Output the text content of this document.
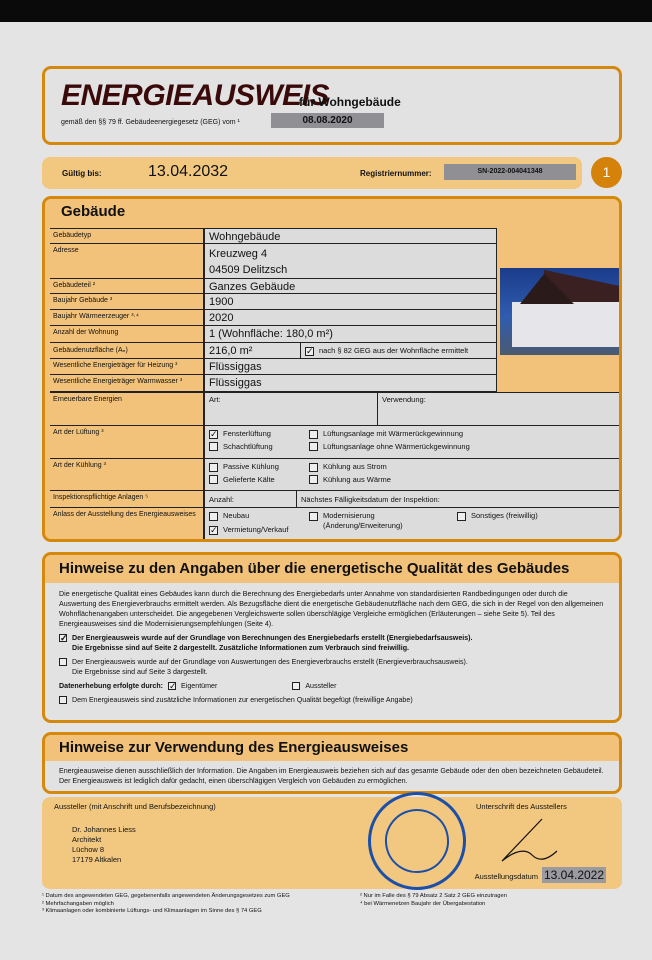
ENERGIEAUSWEIS
für Wohngebäude
gemäß den §§ 79 ff. Gebäudeenergiegesetz (GEG) vom ¹	08.08.2020
Gültig bis:	13.04.2032	Registriernummer:	SN-2022-004041348	1
Gebäude
Gebäudetyp	Wohngebäude
Adresse	Kreuzweg 4
04509 Delitzsch
Gebäudeteil ²	Ganzes Gebäude
Baujahr Gebäude ³	1900
Baujahr Wärmeerzeuger ³·⁴	2020
Anzahl der Wohnung	1 (Wohnfläche: 180,0 m²)
Gebäudenutzfläche (Aₙ)	216,0 m²	✓ nach § 82 GEG aus der Wohnfläche ermittelt
Wesentliche Energieträger für Heizung ³	Flüssiggas
Wesentliche Energieträger Warmwasser ³	Flüssiggas
Erneuerbare Energien	Art:	Verwendung:
Art der Lüftung ³	✓ Fensterlüftung	Lüftungsanlage mit Wärmerückgewinnung
Schachtlüftung	Lüftungsanlage ohne Wärmerückgewinnung
Art der Kühlung ³	Passive Kühlung	Kühlung aus Strom
Gelieferte Kälte	Kühlung aus Wärme
Inspektionspflichtige Anlagen ⁵	Anzahl:	Nächstes Fälligkeitsdatum der Inspektion:
Anlass der Ausstellung des Energieausweises	Neubau
✓ Vermietung/Verkauf
Modernisierung
(Änderung/Erweiterung)
Sonstiges (freiwillig)
Hinweise zu den Angaben über die energetische Qualität des Gebäudes
Die energetische Qualität eines Gebäudes kann durch die Berechnung des Energiebedarfs unter Annahme von standardisierten Randbedingungen oder durch die Auswertung des Energieverbrauchs ermittelt werden. Als Bezugsfläche dient die energetische Gebäudenutzfläche nach dem GEG, die sich in der Regel von den allgemeinen Wohnflächenangaben unterscheidet. Die angegebenen Vergleichswerte sollen überschlägige Vergleiche ermöglichen (Erläuterungen – siehe Seite 5). Teil des Energieausweises sind die Modernisierungsempfehlungen (Seite 4).
✓ Der Energieausweis wurde auf der Grundlage von Berechnungen des Energiebedarfs erstellt (Energiebedarfsausweis).
Die Ergebnisse sind auf Seite 2 dargestellt. Zusätzliche Informationen zum Verbrauch sind freiwillig.
Der Energieausweis wurde auf der Grundlage von Auswertungen des Energieverbrauchs erstellt (Energieverbrauchsausweis).
Die Ergebnisse sind auf Seite 3 dargestellt.
Datenerhebung erfolgte durch: ✓ Eigentümer	Aussteller
Dem Energieausweis sind zusätzliche Informationen zur energetischen Qualität begefügt (freiwillige Angabe)
Hinweise zur Verwendung des Energieausweises
Energieausweise dienen ausschließlich der Information. Die Angaben im Energieausweis beziehen sich auf das gesamte Gebäude oder den oben bezeichneten Gebäudeteil. Der Energieausweis ist lediglich dafür gedacht, einen überschlägigen Vergleich von Gebäuden zu ermöglichen.
Aussteller (mit Anschrift und Berufsbezeichnung)
Dr. Johannes Liess
Architekt
Lüchow 8
17179 Altkalen
Unterschrift des Ausstellers
Ausstellungsdatum 13.04.2022
¹ Datum des angewendeten GEG, gegebenenfalls angewendeten Änderungsgesetzes zum GEG
² Mehrfachangaben möglich
³ Klimaanlagen oder kombinierte Lüftungs- und Klimaanlagen im Sinne des § 74 GEG
² Nur im Falle des § 79 Absatz 2 Satz 2 GEG einzutragen
⁴ bei Wärmenetzen Baujahr der Übergabestation
